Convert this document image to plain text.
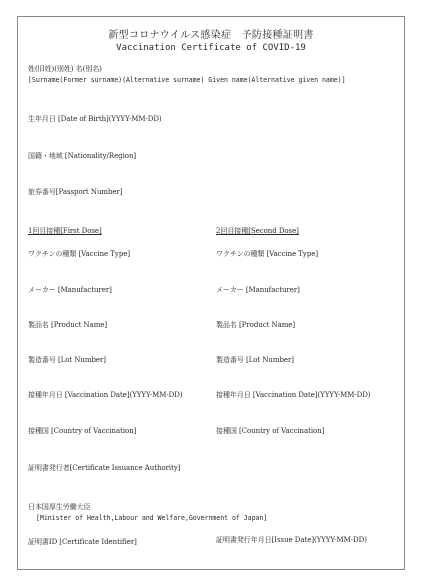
新型コロナウイルス感染症　予防接種証明書
Vaccination Certificate of COVID-19
姓(旧姓)(別姓) 名(別名)
[Surname(Former surname)(Alternative surname) Given name(Alternative given name)]
生年月日 [Date of Birth](YYYY-MM-DD)
国籍・地域 [Nationality/Region]
旅券番号[Passport Number]
1回目接種[First Dose]
ワクチンの種類 [Vaccine Type]
メーカー [Manufacturer]
製品名 [Product Name]
製造番号 [Lot Number]
接種年月日 [Vaccination Date](YYYY-MM-DD)
接種国 [Country of Vaccination]
2回目接種[Second Dose]
ワクチンの種類 [Vaccine Type]
メーカー [Manufacturer]
製品名 [Product Name]
製造番号 [Lot Number]
接種年月日 [Vaccination Date](YYYY-MM-DD)
接種国 [Country of Vaccination]
証明書発行者[Certificate Issuance Authority]
日本国厚生労働大臣
[Minister of Health,Labour and Welfare,Government of Japan]
証明書ID [Certificate Identifier]	証明書発行年月日[Issue Date](YYYY-MM-DD)
